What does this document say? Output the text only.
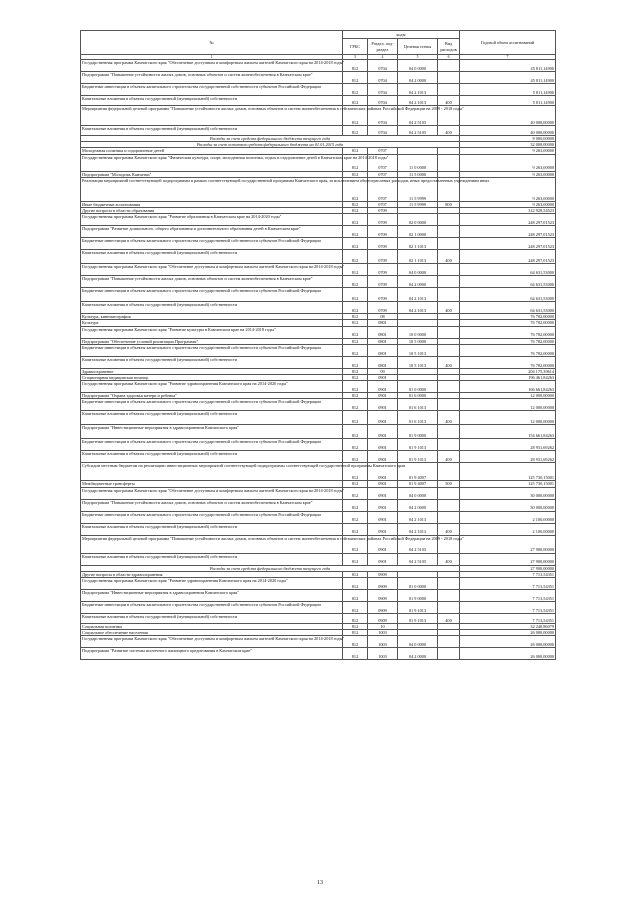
№	коды				Годовой объем ассигнований
	ГРБС	Раздел, под-раздел	Целевая статья	Вид расходов	
1	3	4	5	6	7
Государственная программа Камчатского края "Обеспечение доступным и комфортным жильем жителей Камчатского края на 2014-2018 годы"	812	0704	04 0 0000		45 811,14900
Подпрограмма "Повышение устойчивости жилых домов, основных объектов и систем жизнеобеспечения в Камчатском крае"	812	0704	04 2 0000		45 811,14900
Бюджетные инвестиции в объекты капитального строительства государственной собственности субъектов Российской Федерации	812	0704	04 2 1013		5 811,14900
Капитальные вложения в объекты государственной (муниципальной) собственности	812	0704	04 2 1013	400	5 811,14900
Мероприятия федеральной целевой программы "Повышение устойчивости жилых домов, основных объектов и систем жизнеобеспечения в сейсмических районах Российской Федерации на 2009 - 2018 годы"	812	0704	04 2 5105		40 000,00000
Капитальные вложения в объекты государственной (муниципальной) собственности	812	0704	04 2 5105	400	40 000,00000
Расходы за счет средств федерального бюджета текущего года					8 000,00000
Расходы за счет остатков средств федерального бюджета на 01.01.2015 года					32 000,00000
Молодежная политика и оздоровление детей	812	0707			9 263,00000
Государственная программа Камчатского края "Физическая культура, спорт, молодежная политика, отдых и оздоровление детей в Камчатском крае на 2014-2018 годы"	812	0707	11 0 0000		9 263,00000
Подпрограмма "Молодежь Камчатки"	812	0707	11 5 0000		9 263,00000
Реализация мероприятий соответствующей подпрограммы в рамках соответствующей государственной программы Камчатского края, за исключением общеотраслевых расходов, иных предоставленных учреждениям иных	812	0707	11 5 9999		9 263,00000
Иные бюджетные ассигнования	812	0707	11 5 9999	800	9 263,00000
Другие вопросы в области образования	812	0709			312 928,54523
Государственная программа Камчатского края "Развитие образования в Камчатском крае на 2014-2020 годы"	812	0709	02 0 0000		248 297,01523
Подпрограмма "Развитие дошкольного, общего образования и дополнительного образования детей в Камчатском крае"	812	0709	02 1 0000		248 297,01523
Бюджетные инвестиции в объекты капитального строительства государственной собственности субъектов Российской Федерации	812	0709	02 1 1013		248 297,01523
Капитальные вложения в объекты государственной (муниципальной) собственности	812	0709	02 1 1013	400	248 297,01523
Государственная программа Камчатского края "Обеспечение доступным и комфортным жильем жителей Камчатского края на 2014-2018 годы"	812	0709	04 0 0000		64 631,53000
Подпрограмма "Повышение устойчивости жилых домов, основных объектов и систем жизнеобеспечения в Камчатском крае"	812	0709	04 2 0000		64 631,53000
Бюджетные инвестиции в объекты капитального строительства государственной собственности субъектов Российской Федерации	812	0709	04 2 1013		64 631,53000
Капитальные вложения в объекты государственной (муниципальной) собственности	812	0709	04 2 1013	400	64 631,53000
Культура, кинематография	812	08			76 782,00000
Культура	812	0801			76 782,00000
Государственная программа Камчатского края "Развитие культуры в Камчатском крае на 2014-2018 годы"	812	0801	10 0 0000		76 782,00000
Подпрограмма "Обеспечение условий реализации Программы"	812	0801	10 5 0000		76 782,00000
Бюджетные инвестиции в объекты капитального строительства государственной собственности субъектов Российской Федерации	812	0801	10 5 1013		76 782,00000
Капитальные вложения в объекты государственной (муниципальной) собственности	812	0801	10 5 1013	400	76 782,00000
Здравоохранение	812	09			204 175,39614
Стационарная медицинская помощь	812	0901			196 461,84263
Государственная программа Камчатского края "Развитие здравоохранения Камчатского края на 2014-2020 годы"	812	0901	01 0 0000		166 661,84263
Подпрограмма "Охрана здоровья матери и ребенка"	812	0901	01 6 0000		12 000,00000
Бюджетные инвестиции в объекты капитального строительства государственной собственности субъектов Российской Федерации	812	0901	01 6 1013		12 000,00000
Капитальные вложения в объекты государственной (муниципальной) собственности	812	0901	01 6 1013	400	12 000,00000
Подпрограмма "Инвестиционные мероприятия в здравоохранении Камчатского края"	812	0901	01 9 0000		154 661,84263
Бюджетные инвестиции в объекты капитального строительства государственной собственности субъектов Российской Федерации	812	0901	01 9 1013		28 931,69262
Капитальные вложения в объекты государственной (муниципальной) собственности	812	0901	01 9 1013	400	28 931,69262
Субсидии местным бюджетам на реализацию инвестиционных мероприятий соответствующей подпрограммы соответствующей государственной программы Камчатского края	812	0901	01 9 4007		125 730,15001
Межбюджетные трансферты	812	0901	01 9 4007	500	125 730,15001
Государственная программа Камчатского края "Обеспечение доступным и комфортным жильем жителей Камчатского края на 2014-2018 годы"	812	0901	04 0 0000		30 000,00000
Подпрограмма "Повышение устойчивости жилых домов, основных объектов и систем жизнеобеспечения в Камчатском крае"	812	0901	04 2 0000		30 000,00000
Бюджетные инвестиции в объекты капитального строительства государственной собственности субъектов Российской Федерации	812	0901	04 2 1013		2 100,00000
Капитальные вложения в объекты государственной (муниципальной) собственности	812	0901	04 2 1013	400	2 100,00000
Мероприятия федеральной целевой программы "Повышение устойчивости жилых домов, основных объектов и систем жизнеобеспечения в сейсмических районах Российской Федерации на 2009 - 2018 годы"	812	0901	04 2 5105		27 900,00000
Капитальные вложения в объекты государственной (муниципальной) собственности	812	0901	04 2 5105	400	27 900,00000
Расходы за счет средств федерального бюджета текущего года					27 900,00000
Другие вопросы в области здравоохранения	812	0909			7 713,54351
Государственная программа Камчатского края "Развитие здравоохранения Камчатского края на 2014-2020 годы"	812	0909	01 0 0000		7 713,54351
Подпрограмма "Инвестиционные мероприятия в здравоохранении Камчатского края"	812	0909	01 9 0000		7 713,54351
Бюджетные инвестиции в объекты капитального строительства государственной собственности субъектов Российской Федерации	812	0909	01 9 1013		7 713,54351
Капитальные вложения в объекты государственной (муниципальной) собственности	812	0909	01 9 1013	400	7 713,54351
Социальная политика	812	10			32 240,86079
Социальное обеспечение населения	812	1003			26 000,00000
Государственная программа Камчатского края "Обеспечение доступным и комфортным жильем жителей Камчатского края на 2014-2018 годы"	812	1003	04 0 0000		26 000,00000
Подпрограмма "Развитие системы ипотечного жилищного кредитования в Камчатском крае"	812	1003	04 2 0000		26 000,00000
13
